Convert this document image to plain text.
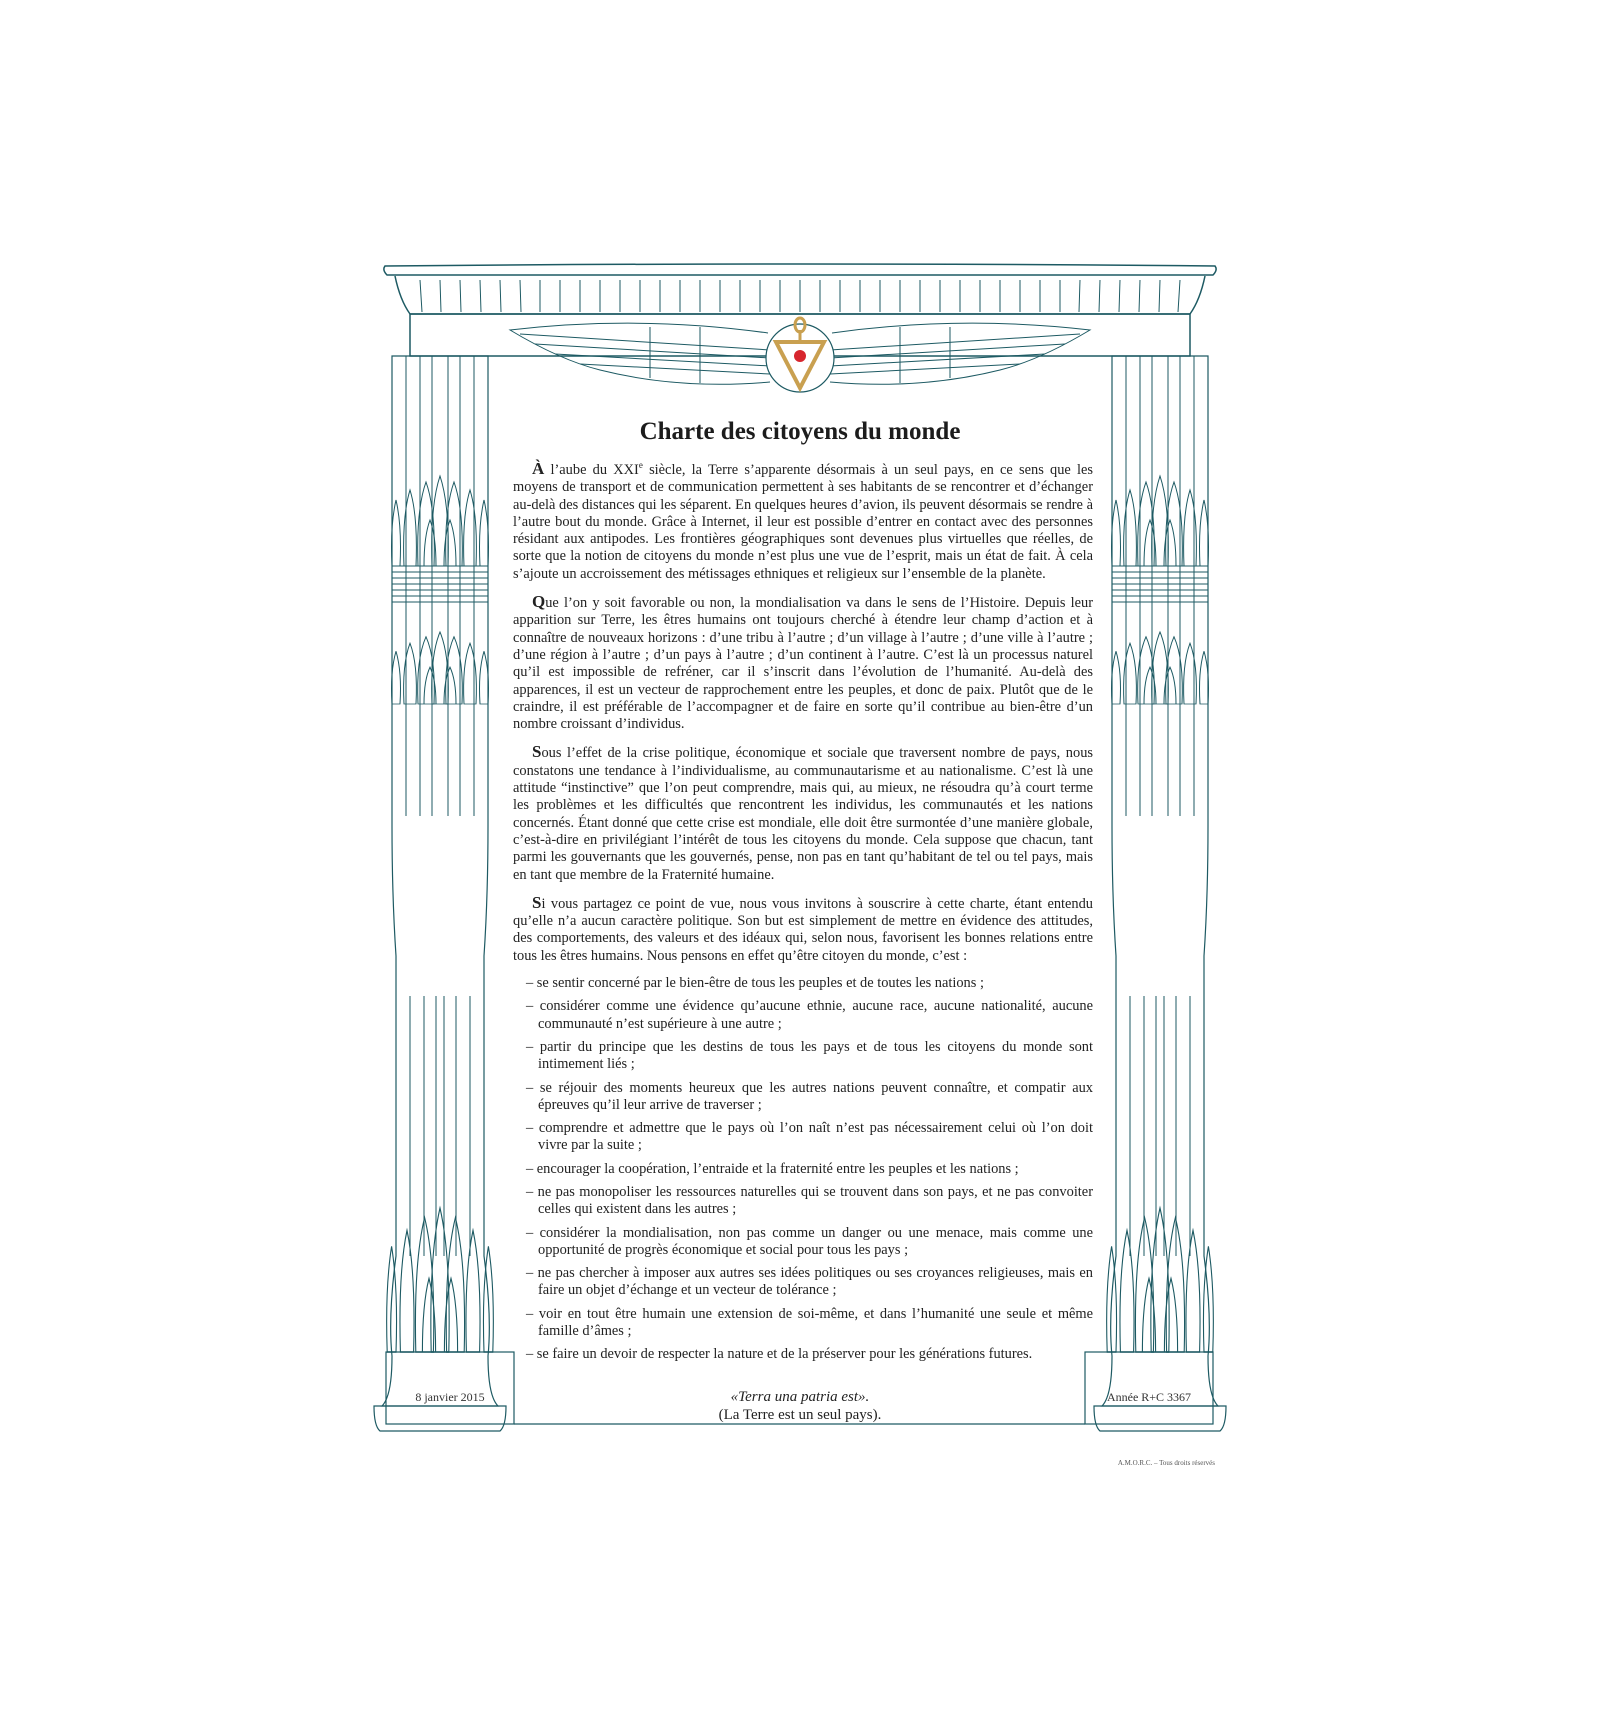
Charte des citoyens du monde

À l’aube du XXIe siècle, la Terre s’apparente désormais à un seul pays, en ce sens que les moyens de transport et de communication permettent à ses habitants de se rencontrer et d’échanger au-delà des distances qui les séparent. En quelques heures d’avion, ils peuvent désormais se rendre à l’autre bout du monde. Grâce à Internet, il leur est possible d’entrer en contact avec des personnes résidant aux antipodes. Les frontières géographiques sont devenues plus virtuelles que réelles, de sorte que la notion de citoyens du monde n’est plus une vue de l’esprit, mais un état de fait. À cela s’ajoute un accroissement des métissages ethniques et religieux sur l’ensemble de la planète.

Que l’on y soit favorable ou non, la mondialisation va dans le sens de l’Histoire. Depuis leur apparition sur Terre, les êtres humains ont toujours cherché à étendre leur champ d’action et à connaître de nouveaux horizons : d’une tribu à l’autre ; d’un village à l’autre ; d’une ville à l’autre ; d’une région à l’autre ; d’un pays à l’autre ; d’un continent à l’autre. C’est là un processus naturel qu’il est impossible de refréner, car il s’inscrit dans l’évolution de l’humanité. Au-delà des apparences, il est un vecteur de rapprochement entre les peuples, et donc de paix. Plutôt que de le craindre, il est préférable de l’accompagner et de faire en sorte qu’il contribue au bien-être d’un nombre croissant d’individus.

Sous l’effet de la crise politique, économique et sociale que traversent nombre de pays, nous constatons une tendance à l’individualisme, au communautarisme et au nationalisme. C’est là une attitude “instinctive” que l’on peut comprendre, mais qui, au mieux, ne résoudra qu’à court terme les problèmes et les difficultés que rencontrent les individus, les communautés et les nations concernés. Étant donné que cette crise est mondiale, elle doit être surmontée d’une manière globale, c’est-à-dire en privilégiant l’intérêt de tous les citoyens du monde. Cela suppose que chacun, tant parmi les gouvernants que les gouvernés, pense, non pas en tant qu’habitant de tel ou tel pays, mais en tant que membre de la Fraternité humaine.

Si vous partagez ce point de vue, nous vous invitons à souscrire à cette charte, étant entendu qu’elle n’a aucun caractère politique. Son but est simplement de mettre en évidence des attitudes, des comportements, des valeurs et des idéaux qui, selon nous, favorisent les bonnes relations entre tous les êtres humains. Nous pensons en effet qu’être citoyen du monde, c’est :

– se sentir concerné par le bien-être de tous les peuples et de toutes les nations ;
– considérer comme une évidence qu’aucune ethnie, aucune race, aucune nationalité, aucune communauté n’est supérieure à une autre ;
– partir du principe que les destins de tous les pays et de tous les citoyens du monde sont intimement liés ;
– se réjouir des moments heureux que les autres nations peuvent connaître, et compatir aux épreuves qu’il leur arrive de traverser ;
– comprendre et admettre que le pays où l’on naît n’est pas nécessairement celui où l’on doit vivre par la suite ;
– encourager la coopération, l’entraide et la fraternité entre les peuples et les nations ;
– ne pas monopoliser les ressources naturelles qui se trouvent dans son pays, et ne pas convoiter celles qui existent dans les autres ;
– considérer la mondialisation, non pas comme un danger ou une menace, mais comme une opportunité de progrès économique et social pour tous les pays ;
– ne pas chercher à imposer aux autres ses idées politiques ou ses croyances religieuses, mais en faire un objet d’échange et un vecteur de tolérance ;
– voir en tout être humain une extension de soi-même, et dans l’humanité une seule et même famille d’âmes ;
– se faire un devoir de respecter la nature et de la préserver pour les générations futures.
«Terra una patria est».
(La Terre est un seul pays).
8 janvier 2015	Année R+C 3367
A.M.O.R.C. – Tous droits réservés
